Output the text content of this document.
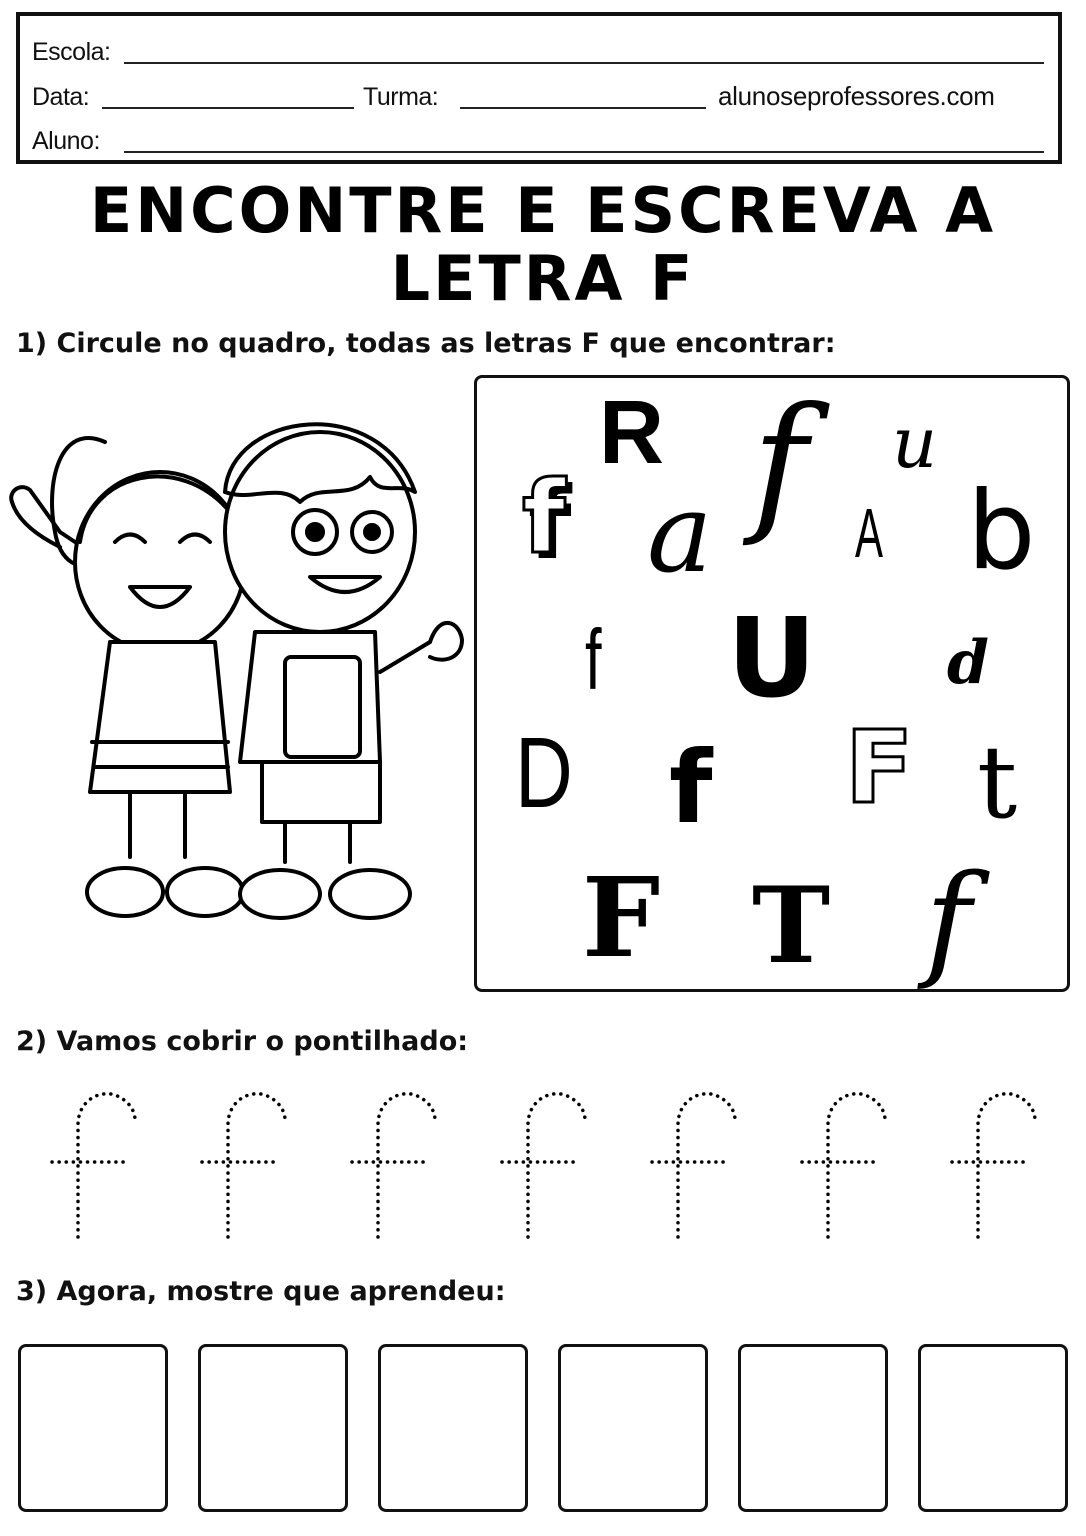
Escola:
Data:	Turma:	alunoseprofessores.com
Aluno:
ENCONTRE E ESCREVA A
LETRA F
1) Circule no quadro, todas as letras F que encontrar:
R f u
f a A b
f U d
D f F t
F T f
2) Vamos cobrir o pontilhado:
3) Agora, mostre que aprendeu:
